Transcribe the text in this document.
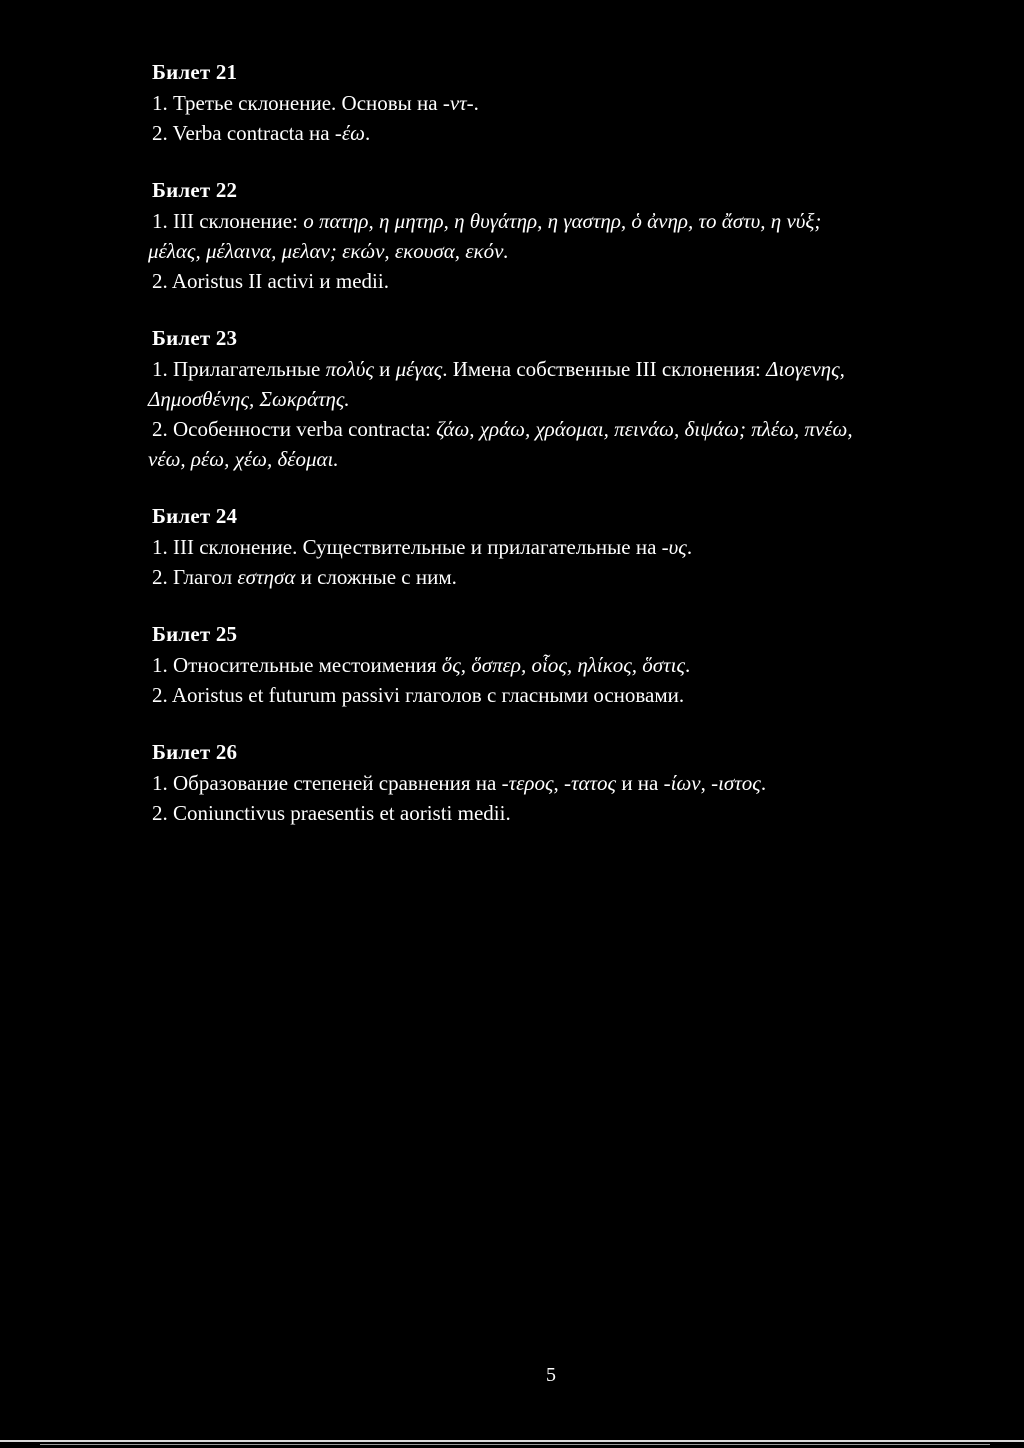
Билет 21
1. Третье склонение. Основы на -ντ-.
2. Verba contracta на -έω.
Билет 22
1. III склонение: ο πατηρ, η μητηρ, η θυγάτηρ, η γαστηρ, ὁ ἀνηρ, το ἄστυ, η νύξ;
μέλας, μέλαινα, μελαν; εκών, εκουσα, εκόν.
2. Aoristus II activi и medii.
Билет 23
1. Прилагательные πολύς и μέγας. Имена собственные III склонения: Διογενης,
Δημοσθένης, Σωκράτης.
2. Особенности verba contracta: ζάω, χράω, χράομαι, πεινάω, διψάω; πλέω, πνέω,
νέω, ρέω, χέω, δέομαι.
Билет 24
1. III склонение. Существительные и прилагательные на -υς.
2. Глагол εστησα и сложные с ним.
Билет 25
1. Относительные местоимения ὅς, ὅσπερ, οἷος, ηλίκος, ὅστις.
2. Aoristus et futurum passivi глаголов с гласными основами.
Билет 26
1. Образование степеней сравнения на -τερος, -τατος и на -ίων, -ιστος.
2. Coniunctivus praesentis et aoristi medii.
5
